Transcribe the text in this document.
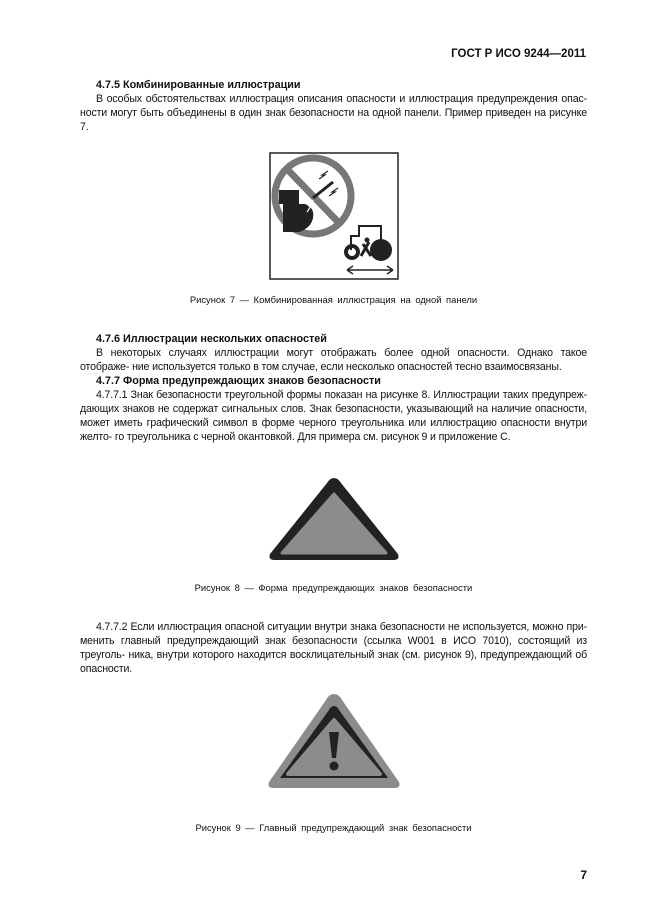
ГОСТ Р ИСО 9244—2011

4.7.5 Комбинированные иллюстрации

В особых обстоятельствах иллюстрация описания опасности и иллюстрация предупреждения опас- ности могут быть объединены в один знак безопасности на одной панели. Пример приведен на рисунке 7.

Рисунок 7 — Комбинированная иллюстрация на одной панели

4.7.6 Иллюстрации нескольких опасностей

В некоторых случаях иллюстрации могут отображать более одной опасности. Однако такое отображе- ние используется только в том случае, если несколько опасностей тесно взаимосвязаны.

4.7.7 Форма предупреждающих знаков безопасности

4.7.7.1 Знак безопасности треугольной формы показан на рисунке 8. Иллюстрации таких предупреж- дающих знаков не содержат сигнальных слов. Знак безопасности, указывающий на наличие опасности, может иметь графический символ в форме черного треугольника или иллюстрацию опасности внутри желто- го треугольника с черной окантовкой. Для примера см. рисунок 9 и приложение С.

Рисунок 8 — Форма предупреждающих знаков безопасности

4.7.7.2 Если иллюстрация опасной ситуации внутри знака безопасности не используется, можно при- менить главный предупреждающий знак безопасности (ссылка W001 в ИСО 7010), состоящий из треуголь- ника, внутри которого находится восклицательный знак (см. рисунок 9), предупреждающий об опасности.

Рисунок 9 — Главный предупреждающий знак безопасности

7
